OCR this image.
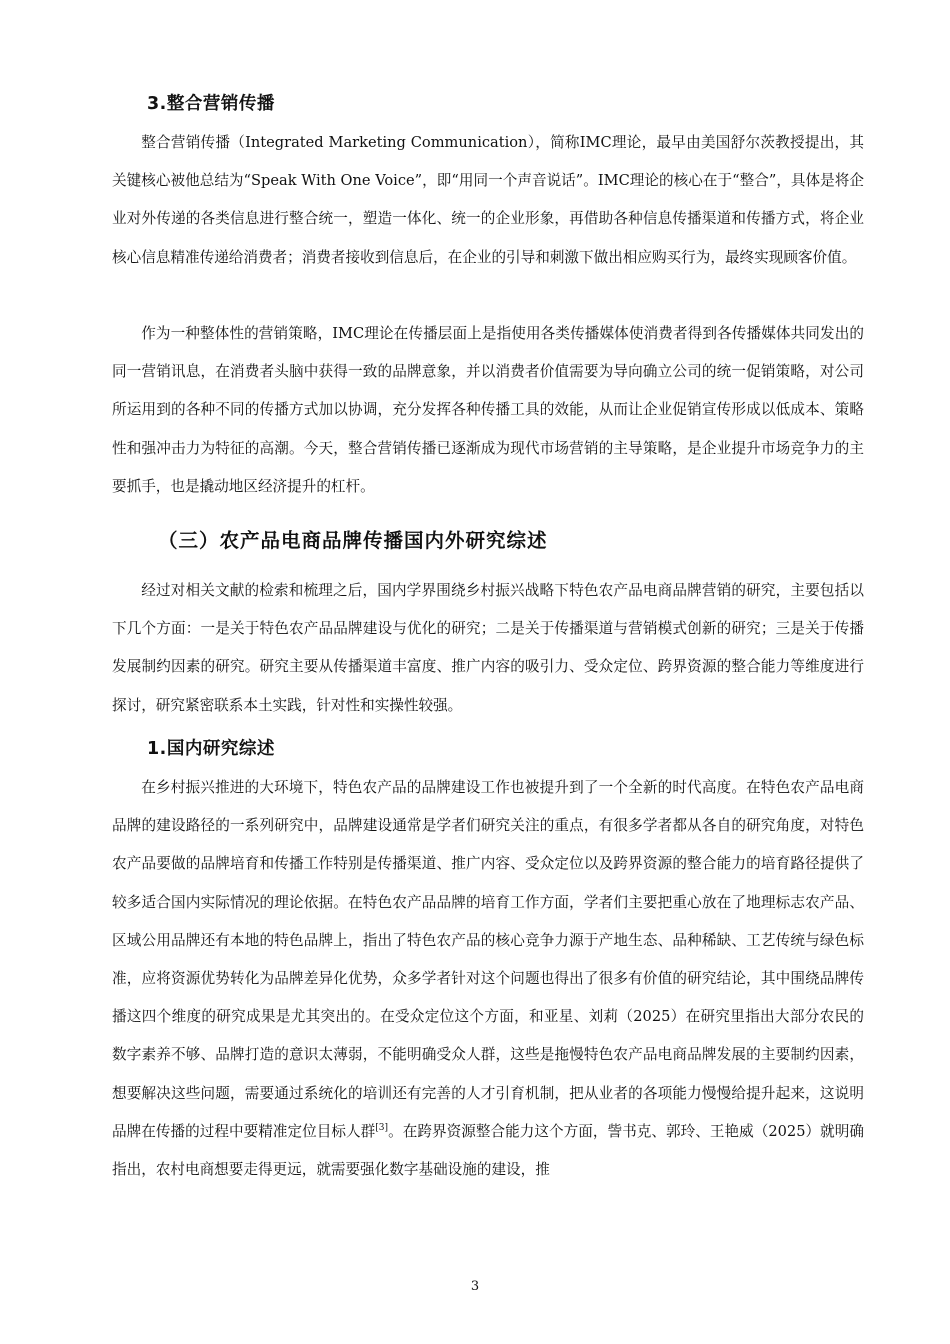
3.整合营销传播

整合营销传播（Integrated Marketing Communication），简称IMC理论，最早由美国舒尔茨教授提出，其关键核心被他总结为“Speak With One Voice”，即“用同一个声音说话”。IMC理论的核心在于“整合”，具体是将企业对外传递的各类信息进行整合统一，塑造一体化、统一的企业形象，再借助各种信息传播渠道和传播方式，将企业核心信息精准传递给消费者；消费者接收到信息后，在企业的引导和刺激下做出相应购买行为，最终实现顾客价值。

作为一种整体性的营销策略，IMC理论在传播层面上是指使用各类传播媒体使消费者得到各传播媒体共同发出的同一营销讯息，在消费者头脑中获得一致的品牌意象，并以消费者价值需要为导向确立公司的统一促销策略，对公司所运用到的各种不同的传播方式加以协调，充分发挥各种传播工具的效能，从而让企业促销宣传形成以低成本、策略性和强冲击力为特征的高潮。今天，整合营销传播已逐渐成为现代市场营销的主导策略，是企业提升市场竞争力的主要抓手，也是撬动地区经济提升的杠杆。

（三）农产品电商品牌传播国内外研究综述

经过对相关文献的检索和梳理之后，国内学界围绕乡村振兴战略下特色农产品电商品牌营销的研究，主要包括以下几个方面：一是关于特色农产品品牌建设与优化的研究；二是关于传播渠道与营销模式创新的研究；三是关于传播发展制约因素的研究。研究主要从传播渠道丰富度、推广内容的吸引力、受众定位、跨界资源的整合能力等维度进行探讨，研究紧密联系本土实践，针对性和实操性较强。

1.国内研究综述

在乡村振兴推进的大环境下，特色农产品的品牌建设工作也被提升到了一个全新的时代高度。在特色农产品电商品牌的建设路径的一系列研究中，品牌建设通常是学者们研究关注的重点，有很多学者都从各自的研究角度，对特色农产品要做的品牌培育和传播工作特别是传播渠道、推广内容、受众定位以及跨界资源的整合能力的培育路径提供了较多适合国内实际情况的理论依据。在特色农产品品牌的培育工作方面，学者们主要把重心放在了地理标志农产品、区域公用品牌还有本地的特色品牌上，指出了特色农产品的核心竞争力源于产地生态、品种稀缺、工艺传统与绿色标准，应将资源优势转化为品牌差异化优势，众多学者针对这个问题也得出了很多有价值的研究结论，其中围绕品牌传播这四个维度的研究成果是尤其突出的。在受众定位这个方面，和亚星、刘莉（2025）在研究里指出大部分农民的数字素养不够、品牌打造的意识太薄弱，不能明确受众人群，这些是拖慢特色农产品电商品牌发展的主要制约因素，想要解决这些问题，需要通过系统化的培训还有完善的人才引育机制，把从业者的各项能力慢慢给提升起来，这说明品牌在传播的过程中要精准定位目标人群[3]。在跨界资源整合能力这个方面，訾书克、郭玲、王艳威（2025）就明确指出，农村电商想要走得更远，就需要强化数字基础设施的建设，推

3
